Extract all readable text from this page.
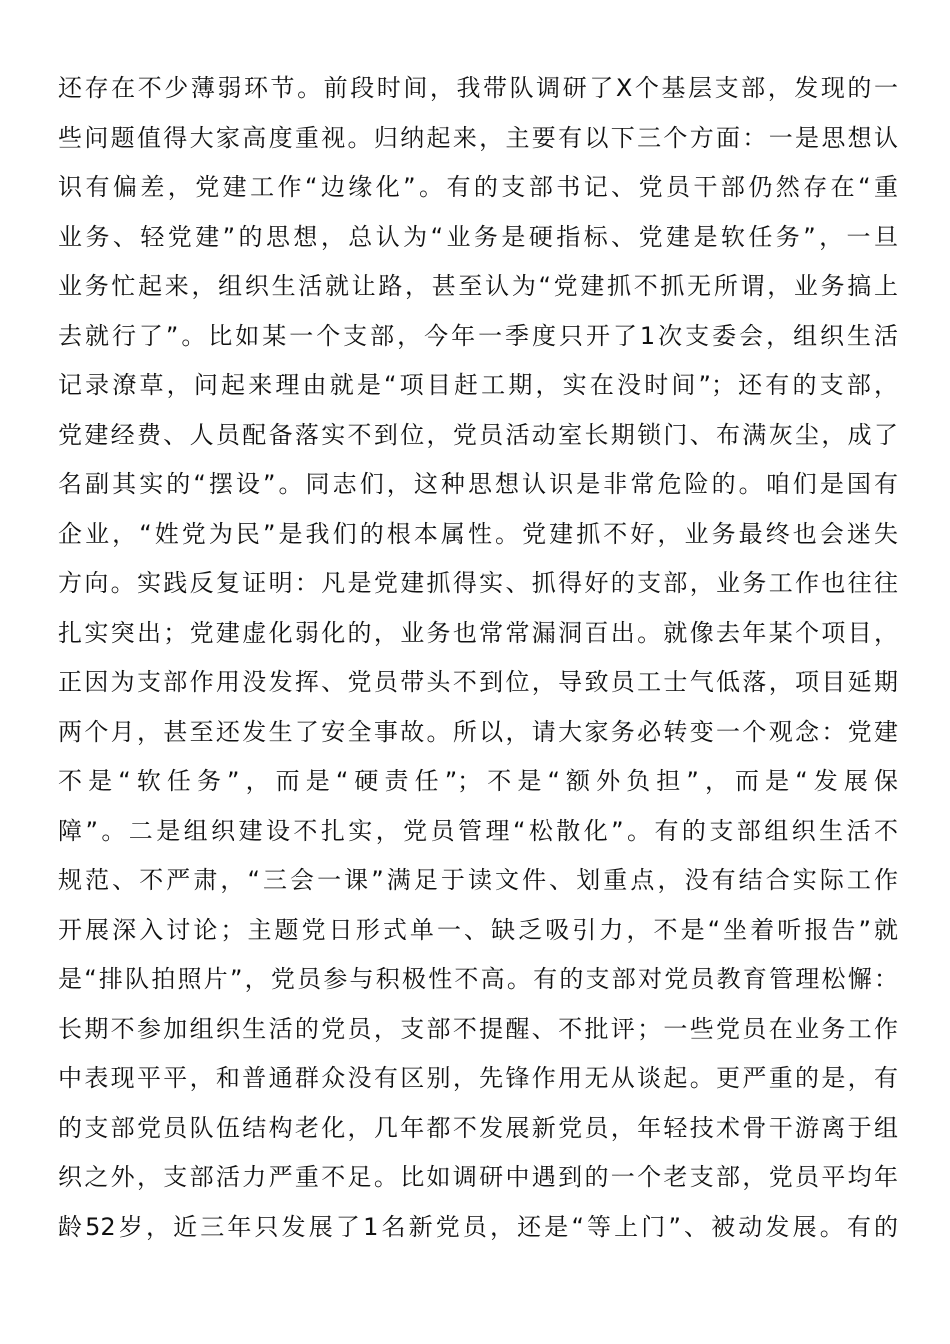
还存在不少薄弱环节。前段时间，我带队调研了X个基层支部，发现的一
些问题值得大家高度重视。归纳起来，主要有以下三个方面：一是思想认
识有偏差，党建工作“边缘化”。有的支部书记、党员干部仍然存在“重
业务、轻党建”的思想，总认为“业务是硬指标、党建是软任务”，一旦
业务忙起来，组织生活就让路，甚至认为“党建抓不抓无所谓，业务搞上
去就行了”。比如某一个支部，今年一季度只开了1次支委会，组织生活
记录潦草，问起来理由就是“项目赶工期，实在没时间”；还有的支部，
党建经费、人员配备落实不到位，党员活动室长期锁门、布满灰尘，成了
名副其实的“摆设”。同志们，这种思想认识是非常危险的。咱们是国有
企业，“姓党为民”是我们的根本属性。党建抓不好，业务最终也会迷失
方向。实践反复证明：凡是党建抓得实、抓得好的支部，业务工作也往往
扎实突出；党建虚化弱化的，业务也常常漏洞百出。就像去年某个项目，
正因为支部作用没发挥、党员带头不到位，导致员工士气低落，项目延期
两个月，甚至还发生了安全事故。所以，请大家务必转变一个观念：党建
不是“软任务”，而是“硬责任”；不是“额外负担”，而是“发展保
障”。二是组织建设不扎实，党员管理“松散化”。有的支部组织生活不
规范、不严肃，“三会一课”满足于读文件、划重点，没有结合实际工作
开展深入讨论；主题党日形式单一、缺乏吸引力，不是“坐着听报告”就
是“排队拍照片”，党员参与积极性不高。有的支部对党员教育管理松懈：
长期不参加组织生活的党员，支部不提醒、不批评；一些党员在业务工作
中表现平平，和普通群众没有区别，先锋作用无从谈起。更严重的是，有
的支部党员队伍结构老化，几年都不发展新党员，年轻技术骨干游离于组
织之外，支部活力严重不足。比如调研中遇到的一个老支部，党员平均年
龄52岁，近三年只发展了1名新党员，还是“等上门”、被动发展。有的
